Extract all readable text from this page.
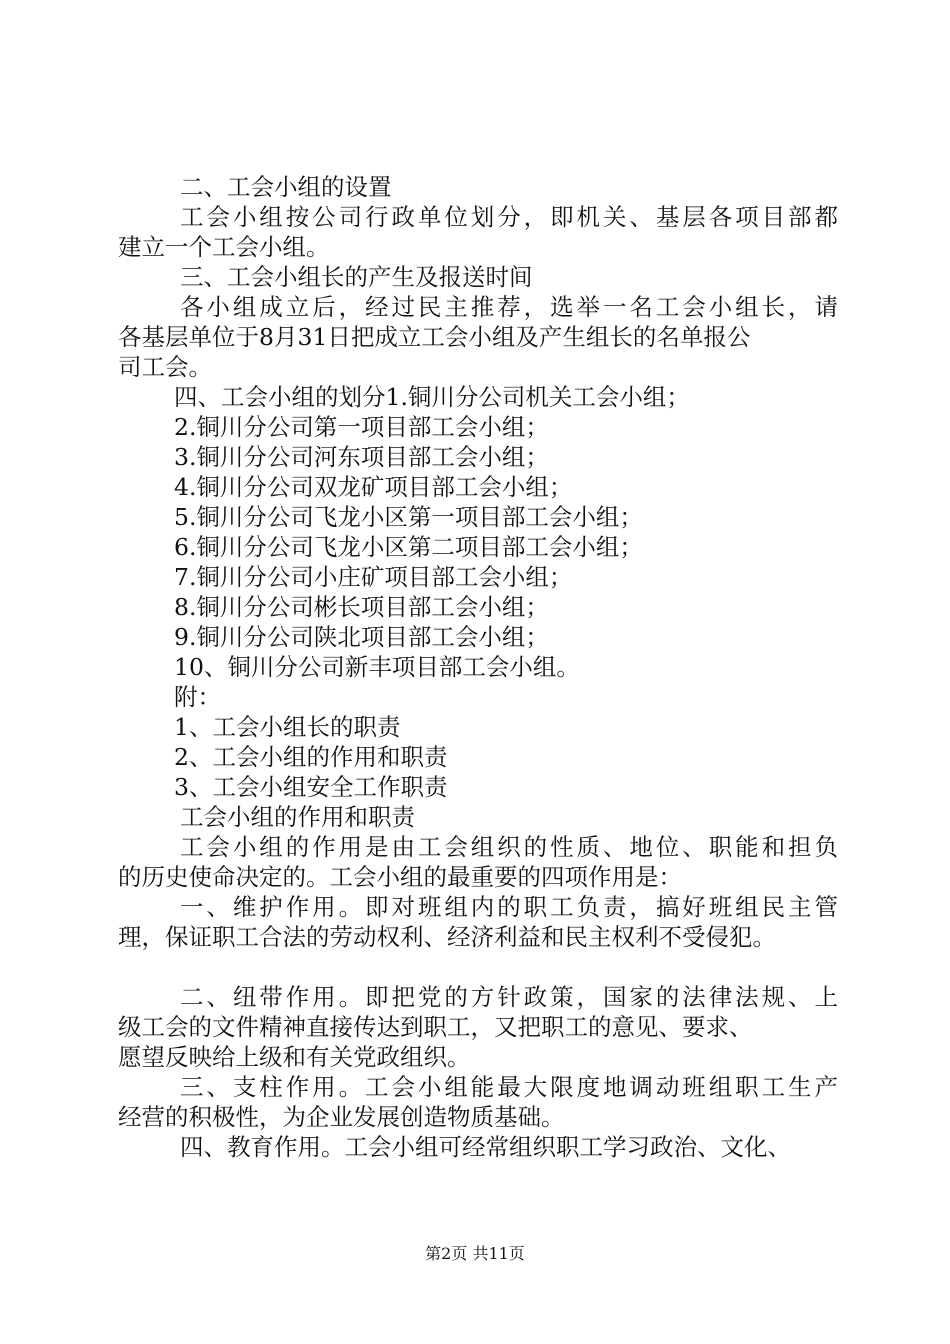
二、工会小组的设置
工会小组按公司行政单位划分，即机关、基层各项目部都
建立一个工会小组。
三、工会小组长的产生及报送时间
各小组成立后，经过民主推荐，选举一名工会小组长，请
各基层单位于8月31日把成立工会小组及产生组长的名单报公
司工会。
四、工会小组的划分1.铜川分公司机关工会小组；
2.铜川分公司第一项目部工会小组；
3.铜川分公司河东项目部工会小组；
4.铜川分公司双龙矿项目部工会小组；
5.铜川分公司飞龙小区第一项目部工会小组；
6.铜川分公司飞龙小区第二项目部工会小组；
7.铜川分公司小庄矿项目部工会小组；
8.铜川分公司彬长项目部工会小组；
9.铜川分公司陕北项目部工会小组；
10、铜川分公司新丰项目部工会小组。
附：
1、工会小组长的职责
2、工会小组的作用和职责
3、工会小组安全工作职责
工会小组的作用和职责
工会小组的作用是由工会组织的性质、地位、职能和担负
的历史使命决定的。工会小组的最重要的四项作用是：
一、维护作用。即对班组内的职工负责，搞好班组民主管
理，保证职工合法的劳动权利、经济利益和民主权利不受侵犯。
二、纽带作用。即把党的方针政策，国家的法律法规、上
级工会的文件精神直接传达到职工，又把职工的意见、要求、
愿望反映给上级和有关党政组织。
三、支柱作用。工会小组能最大限度地调动班组职工生产
经营的积极性，为企业发展创造物质基础。
四、教育作用。工会小组可经常组织职工学习政治、文化、
第2页 共11页
